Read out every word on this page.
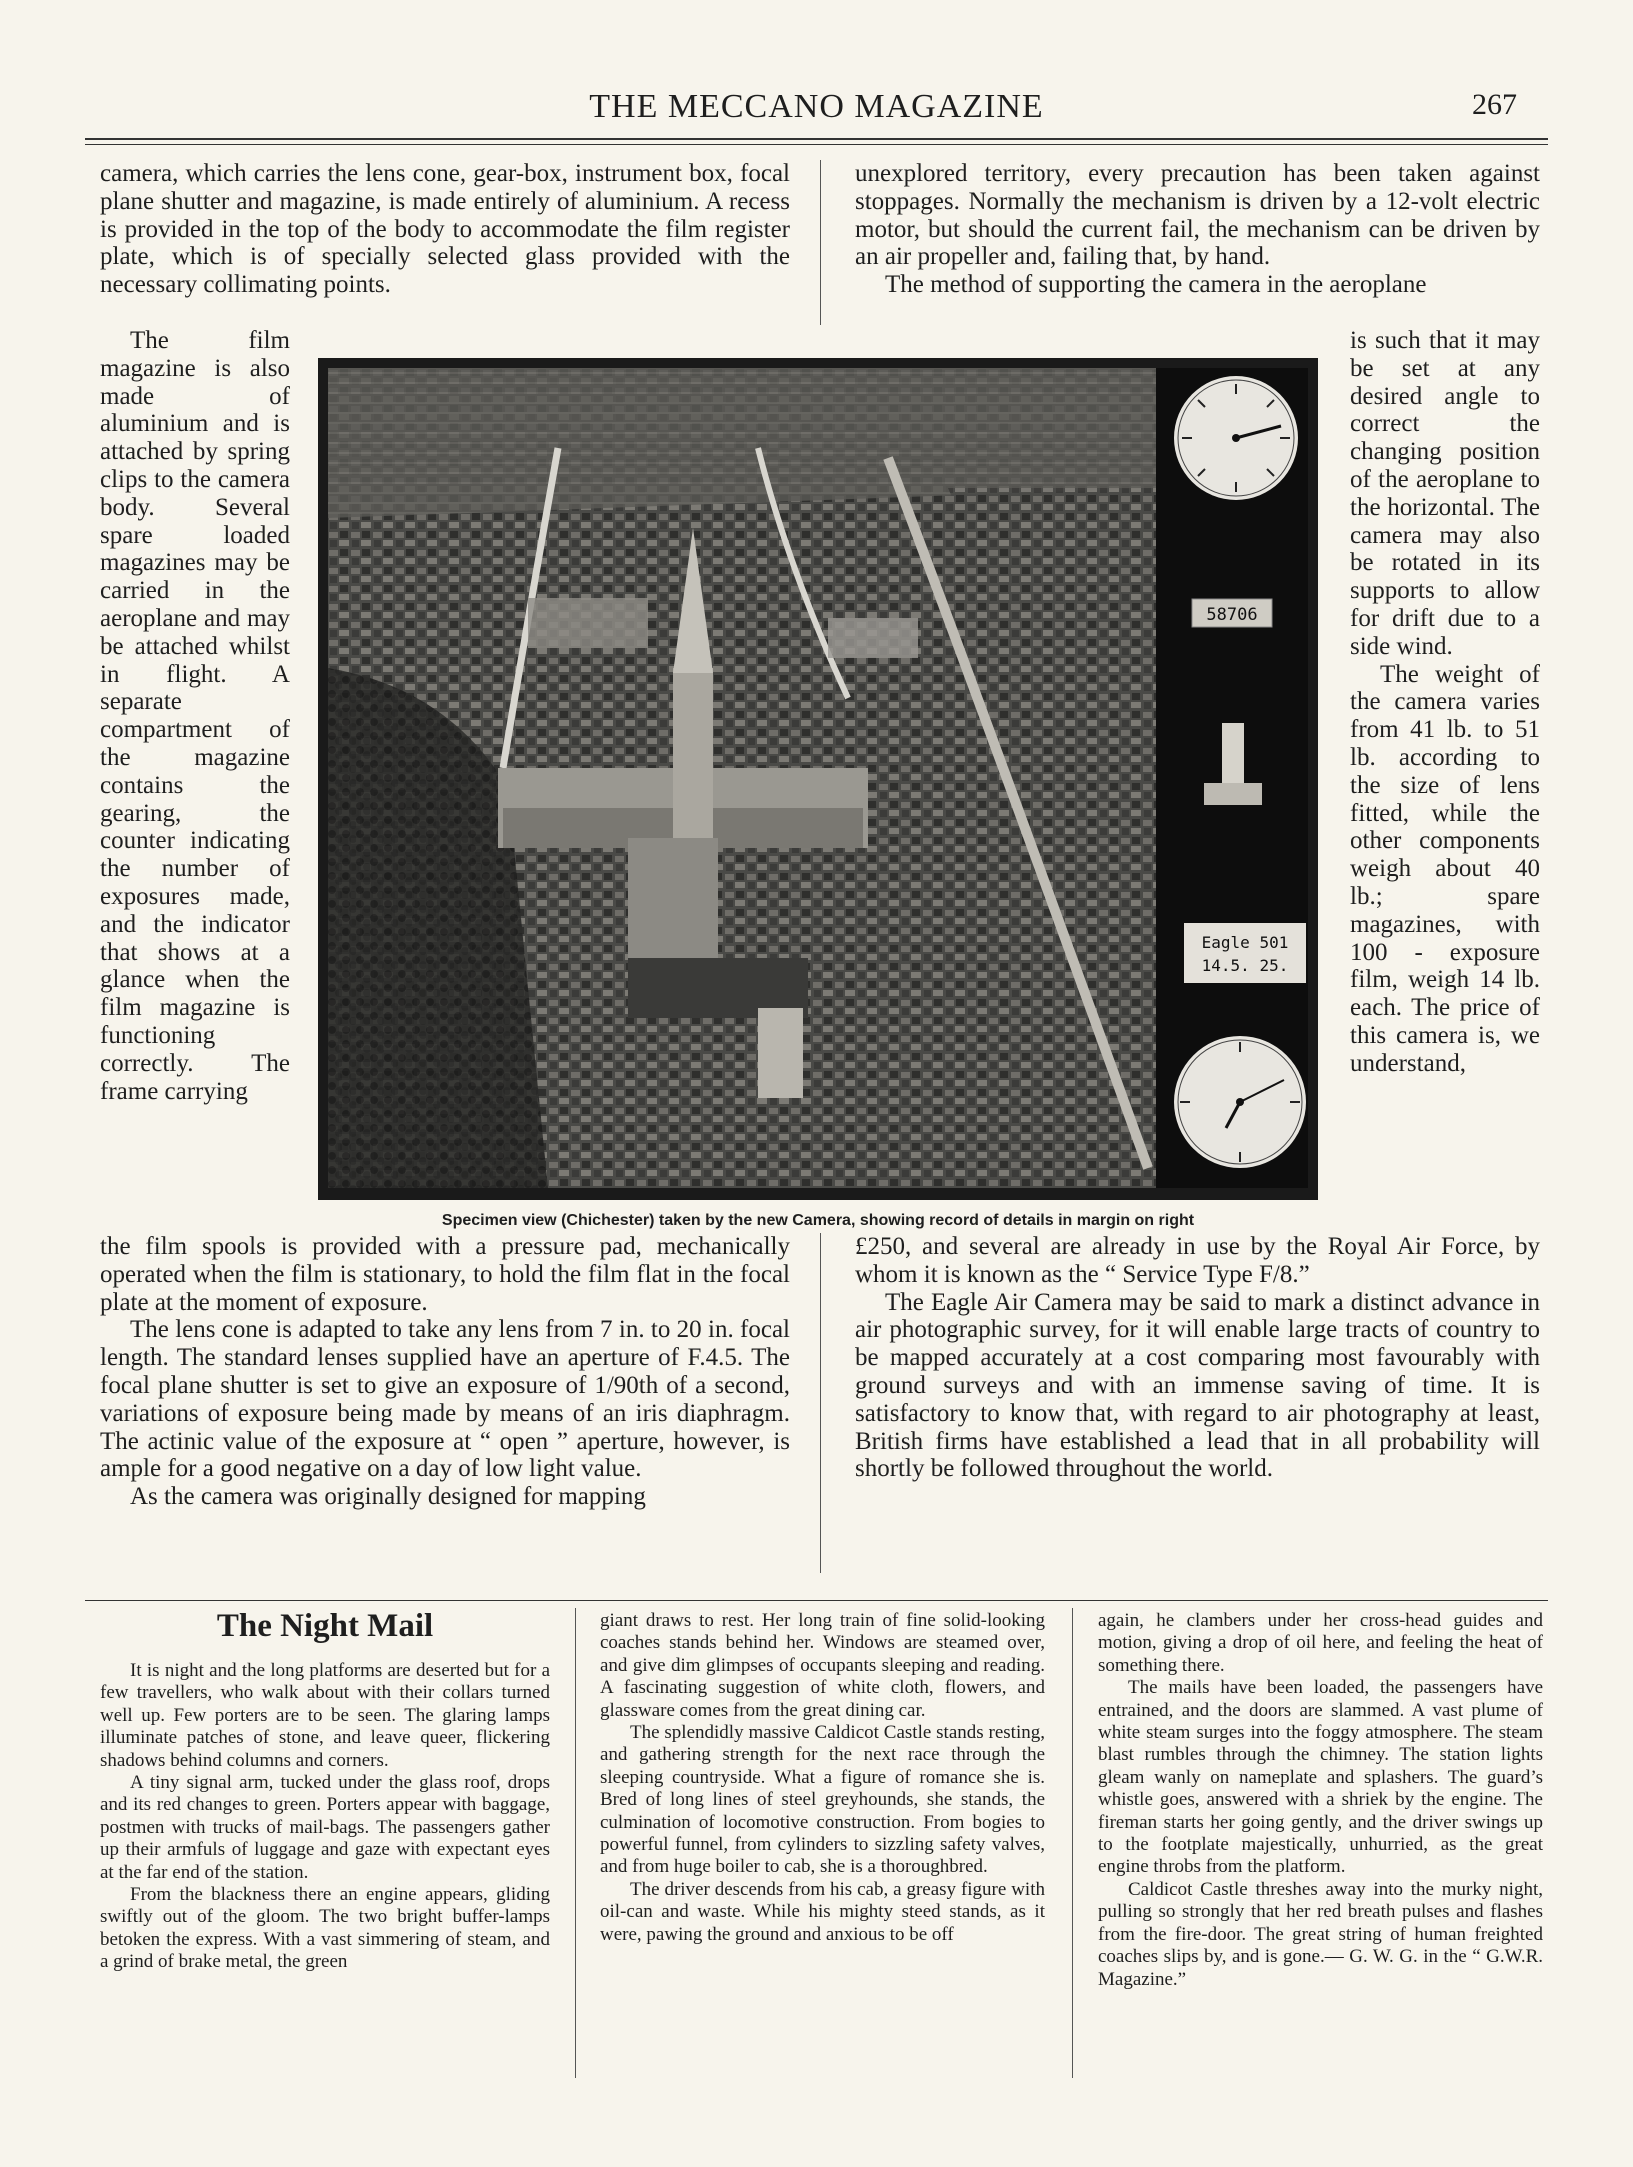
THE MECCANO MAGAZINE	267

camera, which carries the lens cone, gear-box, instrument box, focal plane shutter and magazine, is made entirely of aluminium. A recess is provided in the top of the body to accommodate the film register plate, which is of specially selected glass provided with the necessary collimating points.

unexplored territory, every precaution has been taken against stoppages. Normally the mechanism is driven by a 12-volt electric motor, but should the current fail, the mechanism can be driven by an air propeller and, failing that, by hand.

The method of supporting the camera in the aeroplane

The film magazine is also made of aluminium and is attached by spring clips to the camera body. Several spare loaded magazines may be carried in the aeroplane and may be attached whilst in flight. A separate compartment of the magazine contains the gearing, the counter indicating the number of exposures made, and the indicator that shows at a glance when the film magazine is functioning correctly. The frame carrying

is such that it may be set at any desired angle to correct the changing position of the aeroplane to the horizontal. The camera may also be rotated in its supports to allow for drift due to a side wind.

The weight of the camera varies from 41 lb. to 51 lb. according to the size of lens fitted, while the other components weigh about 40 lb.; spare magazines, with 100 - exposure film, weigh 14 lb. each. The price of this camera is, we understand,

58706
Eagle 501
14.5. 25.
Specimen view (Chichester) taken by the new Camera, showing record of details in margin on right

the film spools is provided with a pressure pad, mechanically operated when the film is stationary, to hold the film flat in the focal plate at the moment of exposure.

The lens cone is adapted to take any lens from 7 in. to 20 in. focal length. The standard lenses supplied have an aperture of F.4.5. The focal plane shutter is set to give an exposure of 1/90th of a second, variations of exposure being made by means of an iris diaphragm. The actinic value of the exposure at “ open ” aperture, however, is ample for a good negative on a day of low light value.

As the camera was originally designed for mapping

£250, and several are already in use by the Royal Air Force, by whom it is known as the “ Service Type F/8.”

The Eagle Air Camera may be said to mark a distinct advance in air photographic survey, for it will enable large tracts of country to be mapped accurately at a cost comparing most favourably with ground surveys and with an immense saving of time. It is satisfactory to know that, with regard to air photography at least, British firms have established a lead that in all probability will shortly be followed throughout the world.

The Night Mail

It is night and the long platforms are deserted but for a few travellers, who walk about with their collars turned well up. Few porters are to be seen. The glaring lamps illuminate patches of stone, and leave queer, flickering shadows behind columns and corners.

A tiny signal arm, tucked under the glass roof, drops and its red changes to green. Porters appear with baggage, postmen with trucks of mail-bags. The passengers gather up their armfuls of luggage and gaze with expectant eyes at the far end of the station.

From the blackness there an engine appears, gliding swiftly out of the gloom. The two bright buffer-lamps betoken the express. With a vast simmering of steam, and a grind of brake metal, the green

giant draws to rest. Her long train of fine solid-looking coaches stands behind her. Windows are steamed over, and give dim glimpses of occupants sleeping and reading. A fascinating suggestion of white cloth, flowers, and glassware comes from the great dining car.

The splendidly massive Caldicot Castle stands resting, and gathering strength for the next race through the sleeping countryside. What a figure of romance she is. Bred of long lines of steel greyhounds, she stands, the culmination of locomotive construction. From bogies to powerful funnel, from cylinders to sizzling safety valves, and from huge boiler to cab, she is a thoroughbred.

The driver descends from his cab, a greasy figure with oil-can and waste. While his mighty steed stands, as it were, pawing the ground and anxious to be off

again, he clambers under her cross-head guides and motion, giving a drop of oil here, and feeling the heat of something there.

The mails have been loaded, the passengers have entrained, and the doors are slammed. A vast plume of white steam surges into the foggy atmosphere. The steam blast rumbles through the chimney. The station lights gleam wanly on nameplate and splashers. The guard’s whistle goes, answered with a shriek by the engine. The fireman starts her going gently, and the driver swings up to the footplate majestically, unhurried, as the great engine throbs from the platform.

Caldicot Castle threshes away into the murky night, pulling so strongly that her red breath pulses and flashes from the fire-door. The great string of human freighted coaches slips by, and is gone.— G. W. G. in the “ G.W.R. Magazine.”
